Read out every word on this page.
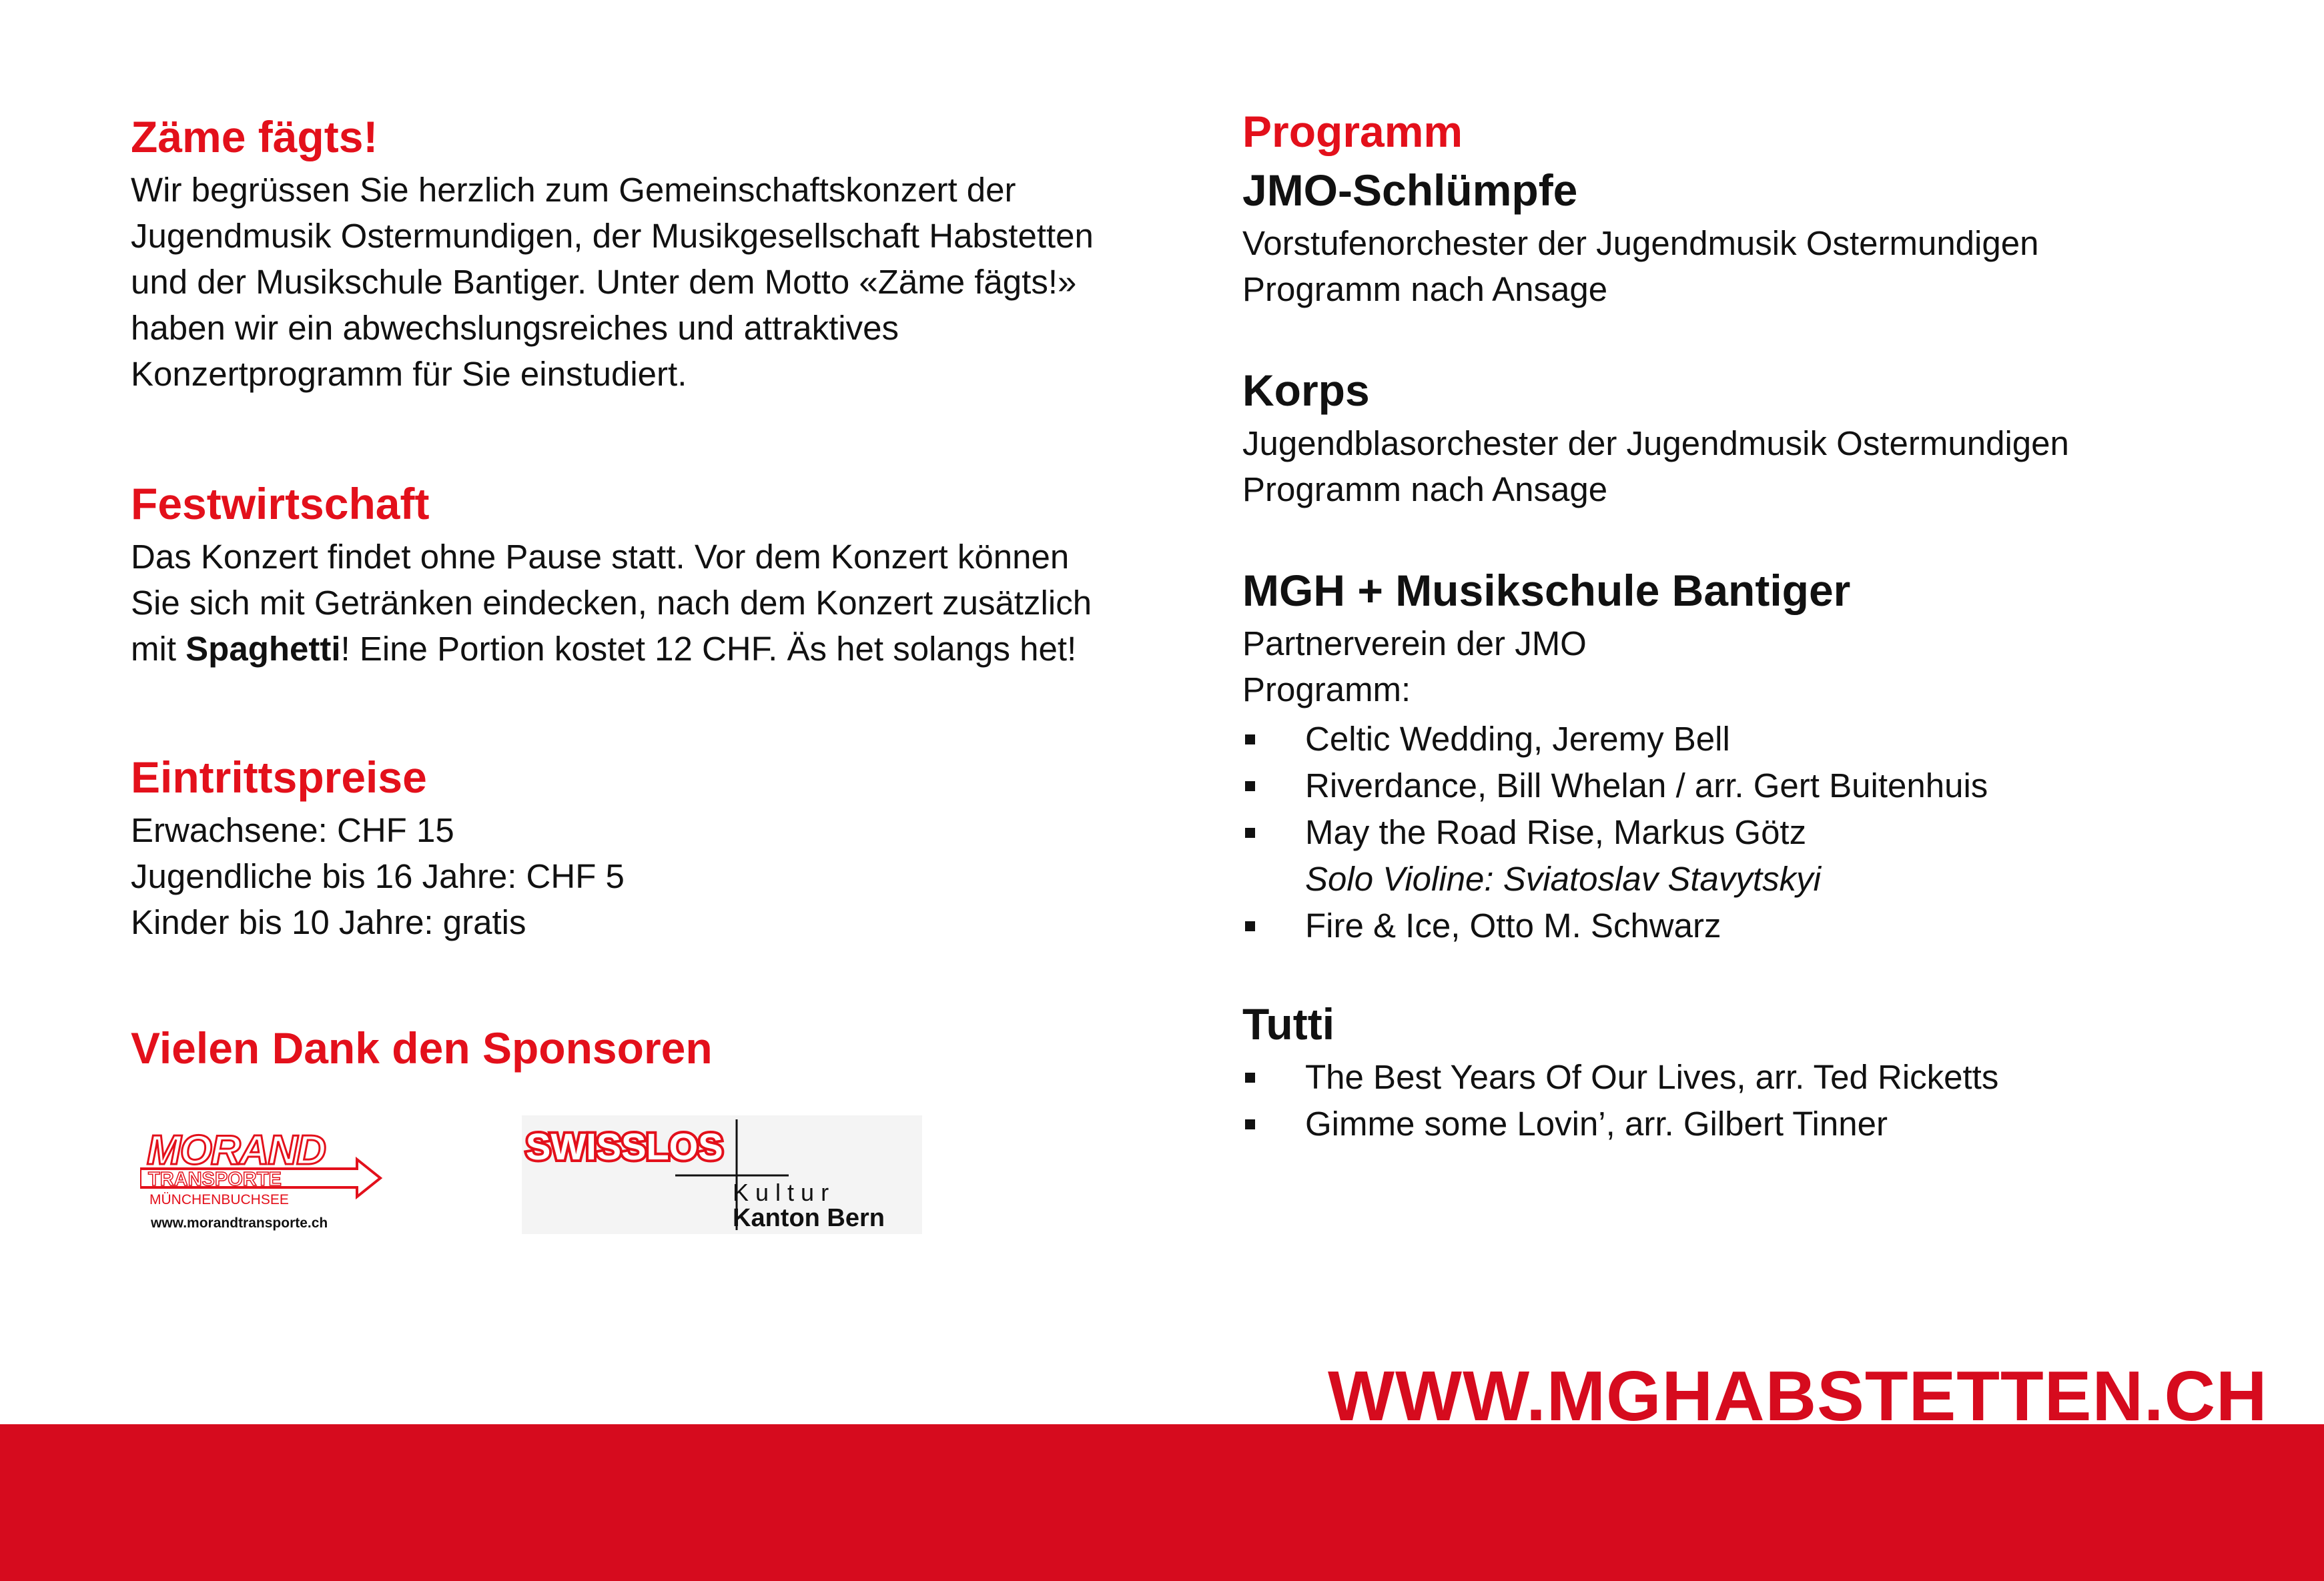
Zäme fägts!

Wir begrüssen Sie herzlich zum Gemeinschaftskonzert der
Jugendmusik Ostermundigen, der Musikgesellschaft Habstetten
und der Musikschule Bantiger. Unter dem Motto «Zäme fägts!»
haben wir ein abwechslungsreiches und attraktives
Konzertprogramm für Sie einstudiert.

Festwirtschaft

Das Konzert findet ohne Pause statt. Vor dem Konzert können
Sie sich mit Getränken eindecken, nach dem Konzert zusätzlich
mit Spaghetti! Eine Portion kostet 12 CHF. Äs het solangs het!

Eintrittspreise

Erwachsene: CHF 15
Jugendliche bis 16 Jahre: CHF 5
Kinder bis 10 Jahre: gratis

Vielen Dank den Sponsoren
MORAND
TRANSPORTE
MÜNCHENBUCHSEE
www.morandtransporte.ch
SWISSLOS
K u l t u r
Kanton Bern
Programm
JMO-Schlümpfe

Vorstufenorchester der Jugendmusik Ostermundigen
Programm nach Ansage

Korps

Jugendblasorchester der Jugendmusik Ostermundigen
Programm nach Ansage

MGH + Musikschule Bantiger

Partnerverein der JMO
Programm:

Celtic Wedding, Jeremy Bell
Riverdance, Bill Whelan / arr. Gert Buitenhuis
May the Road Rise, Markus Götz
Solo Violine: Sviatoslav Stavytskyi
Fire & Ice, Otto M. Schwarz
Tutti
The Best Years Of Our Lives, arr. Ted Ricketts
Gimme some Lovin’, arr. Gilbert Tinner
WWW.MGHABSTETTEN.CH
